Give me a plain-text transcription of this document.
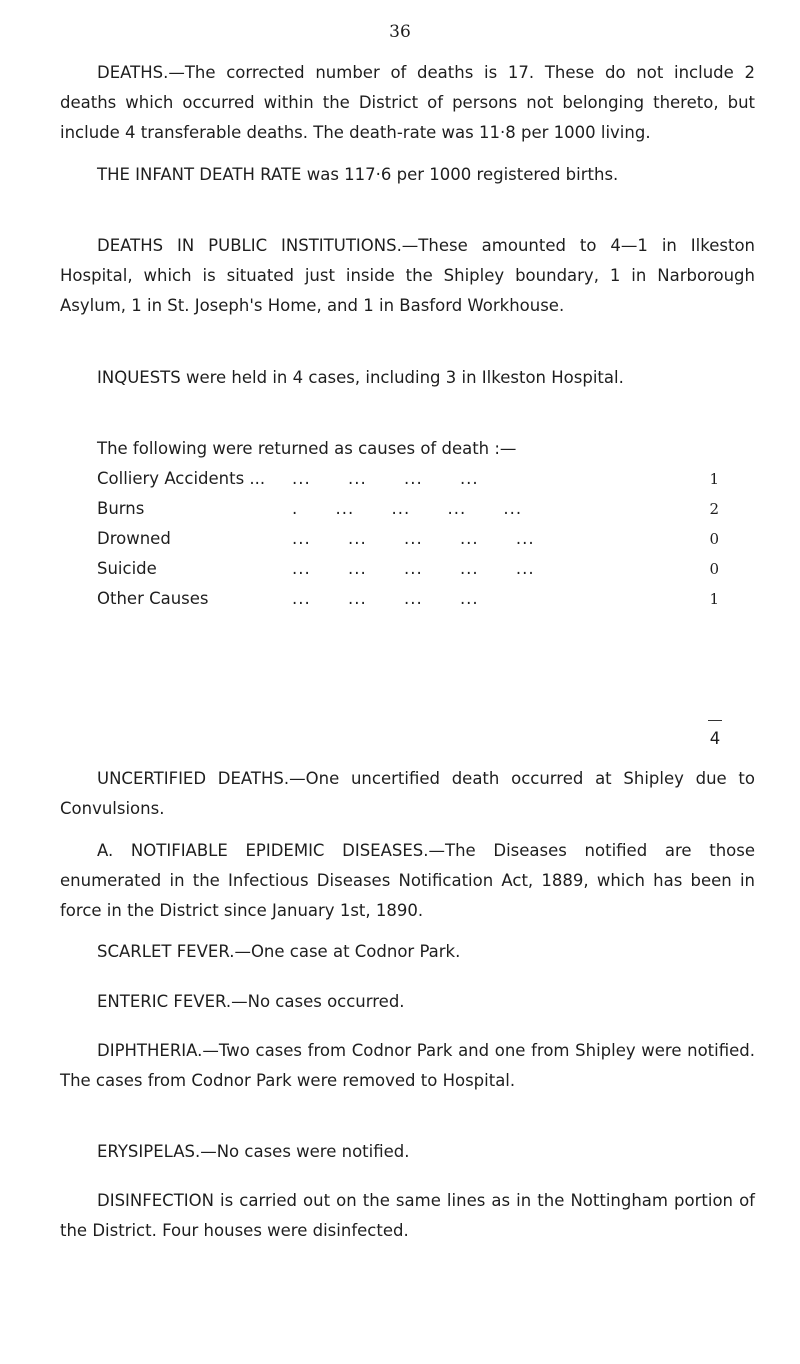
36

DEATHS.—The corrected number of deaths is 17. These do not include 2 deaths which occurred within the District of persons not belonging thereto, but include 4 transferable deaths. The death-rate was 11·8 per 1000 living.

THE INFANT DEATH RATE was 117·6 per 1000 registered births.

DEATHS IN PUBLIC INSTITUTIONS.—These amounted to 4—1 in Ilkeston Hospital, which is situated just inside the Shipley boundary, 1 in Narborough Asylum, 1 in St. Joseph's Home, and 1 in Basford Workhouse.

INQUESTS were held in 4 cases, including 3 in Ilkeston Hospital.

The following were returned as causes of death :—

Colliery Accidents ... ... ... ... ...	1
Burns	. ... ... ... ...	2
Drowned	... ... ... ... ...	0
Suicide	... ... ... ... ...	0
Other Causes	... ... ... ...	1
4

UNCERTIFIED DEATHS.—One uncertified death occurred at Shipley due to Convulsions.

A. NOTIFIABLE EPIDEMIC DISEASES.—The Diseases notified are those enumerated in the Infectious Diseases Notification Act, 1889, which has been in force in the District since January 1st, 1890.

SCARLET FEVER.—One case at Codnor Park.

ENTERIC FEVER.—No cases occurred.

DIPHTHERIA.—Two cases from Codnor Park and one from Shipley were notified. The cases from Codnor Park were removed to Hospital.

ERYSIPELAS.—No cases were notified.

DISINFECTION is carried out on the same lines as in the Nottingham portion of the District. Four houses were disinfected.
